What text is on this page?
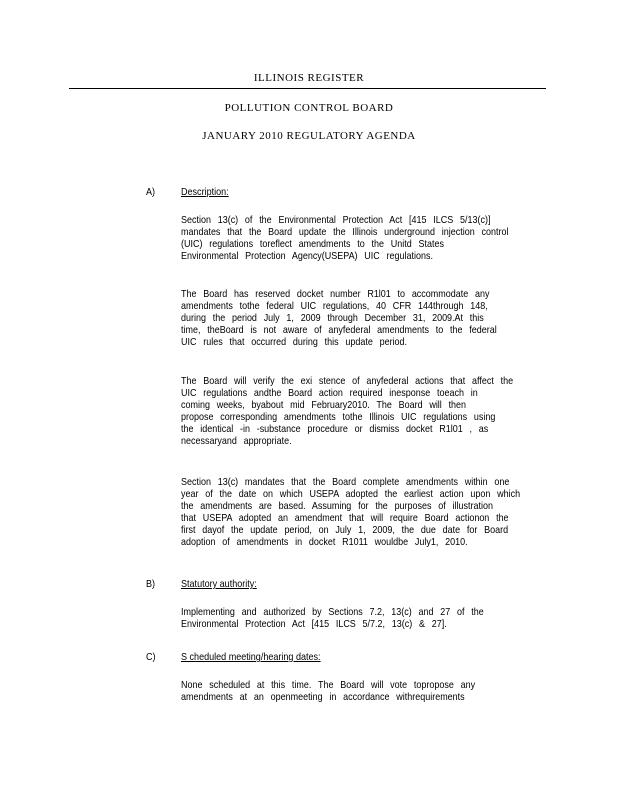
ILLINOIS REGISTER
POLLUTION CONTROL BOARD
JANUARY 2010 REGULATORY AGENDA
A) Description:
Section 13(c) of the Environmental Protection Act [415 ILCS 5/13(c)]
mandates that the Board update the Illinois underground injection control
(UIC) regulations toreflect amendments to the Unitd States
Environmental Protection Agency(USEPA) UIC regulations.
The Board has reserved docket number R1l01 to accommodate any
amendments tothe federal UIC regulations, 40 CFR 144through 148,
during the period July 1, 2009 through December 31, 2009.At this
time, theBoard is not aware of anyfederal amendments to the federal
UIC rules that occurred during this update period.
The Board will verify the exi stence of anyfederal actions that affect the
UIC regulations andthe Board action required inesponse toeach in
coming weeks, byabout mid February2010. The Board will then
propose corresponding amendments tothe Illinois UIC regulations using
the identical -in -substance procedure or dismiss docket R1l01 , as
necessaryand appropriate.
Section 13(c) mandates that the Board complete amendments within one
year of the date on which USEPA adopted the earliest action upon which
the amendments are based. Assuming for the purposes of illustration
that USEPA adopted an amendment that will require Board actionon the
first dayof the update period, on July 1, 2009, the due date for Board
adoption of amendments in docket R1011 wouldbe July1, 2010.
B) Statutory authority:
Implementing and authorized by Sections 7.2, 13(c) and 27 of the
Environmental Protection Act [415 ILCS 5/7.2, 13(c) & 27].
C) S cheduled meeting/hearing dates:
None scheduled at this time. The Board will vote topropose any
amendments at an openmeeting in accordance withrequirements
